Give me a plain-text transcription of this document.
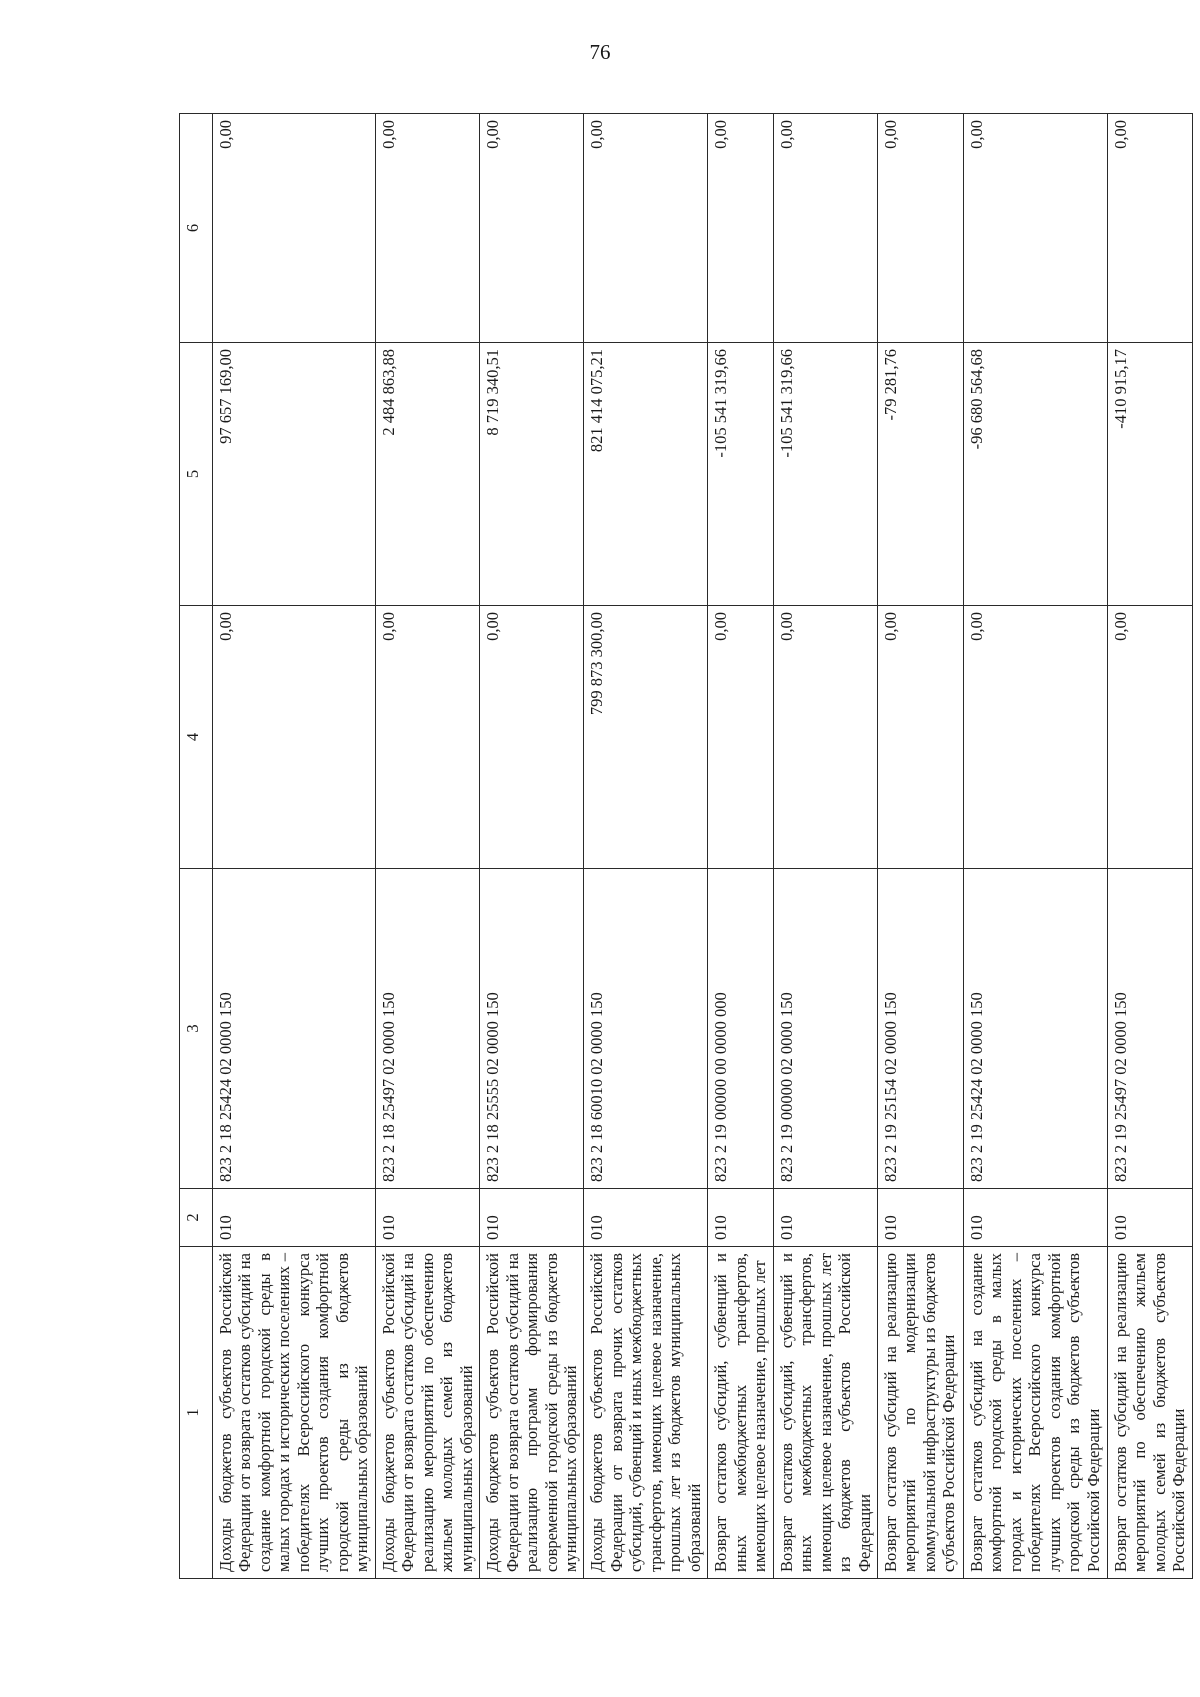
76
1	2	3	4	5	6
Доходы бюджетов субъектов Российской Федерации от возврата остатков субсидий на создание комфортной городской среды в малых городах и исторических поселениях – победителях Всероссийского конкурса лучших проектов создания комфортной городской среды из бюджетов муниципальных образований	010	823 2 18 25424 02 0000 150	0,00	97 657 169,00	0,00
Доходы бюджетов субъектов Российской Федерации от возврата остатков субсидий на реализацию мероприятий по обеспечению жильем молодых семей из бюджетов муниципальных образований	010	823 2 18 25497 02 0000 150	0,00	2 484 863,88	0,00
Доходы бюджетов субъектов Российской Федерации от возврата остатков субсидий на реализацию программ формирования современной городской среды из бюджетов муниципальных образований	010	823 2 18 25555 02 0000 150	0,00	8 719 340,51	0,00
Доходы бюджетов субъектов Российской Федерации от возврата прочих остатков субсидий, субвенций и иных межбюджетных трансфертов, имеющих целевое назначение, прошлых лет из бюджетов муниципальных образований	010	823 2 18 60010 02 0000 150	799 873 300,00	821 414 075,21	0,00
Возврат остатков субсидий, субвенций и иных межбюджетных трансфертов, имеющих целевое назначение, прошлых лет	010	823 2 19 00000 00 0000 000	0,00	-105 541 319,66	0,00
Возврат остатков субсидий, субвенций и иных межбюджетных трансфертов, имеющих целевое назначение, прошлых лет из бюджетов субъектов Российской Федерации	010	823 2 19 00000 02 0000 150	0,00	-105 541 319,66	0,00
Возврат остатков субсидий на реализацию мероприятий по модернизации коммунальной инфраструктуры из бюджетов субъектов Российской Федерации	010	823 2 19 25154 02 0000 150	0,00	-79 281,76	0,00
Возврат остатков субсидий на создание комфортной городской среды в малых городах и исторических поселениях – победителях Всероссийского конкурса лучших проектов создания комфортной городской среды из бюджетов субъектов Российской Федерации	010	823 2 19 25424 02 0000 150	0,00	-96 680 564,68	0,00
Возврат остатков субсидий на реализацию мероприятий по обеспечению жильем молодых семей из бюджетов субъектов Российской Федерации	010	823 2 19 25497 02 0000 150	0,00	-410 915,17	0,00
